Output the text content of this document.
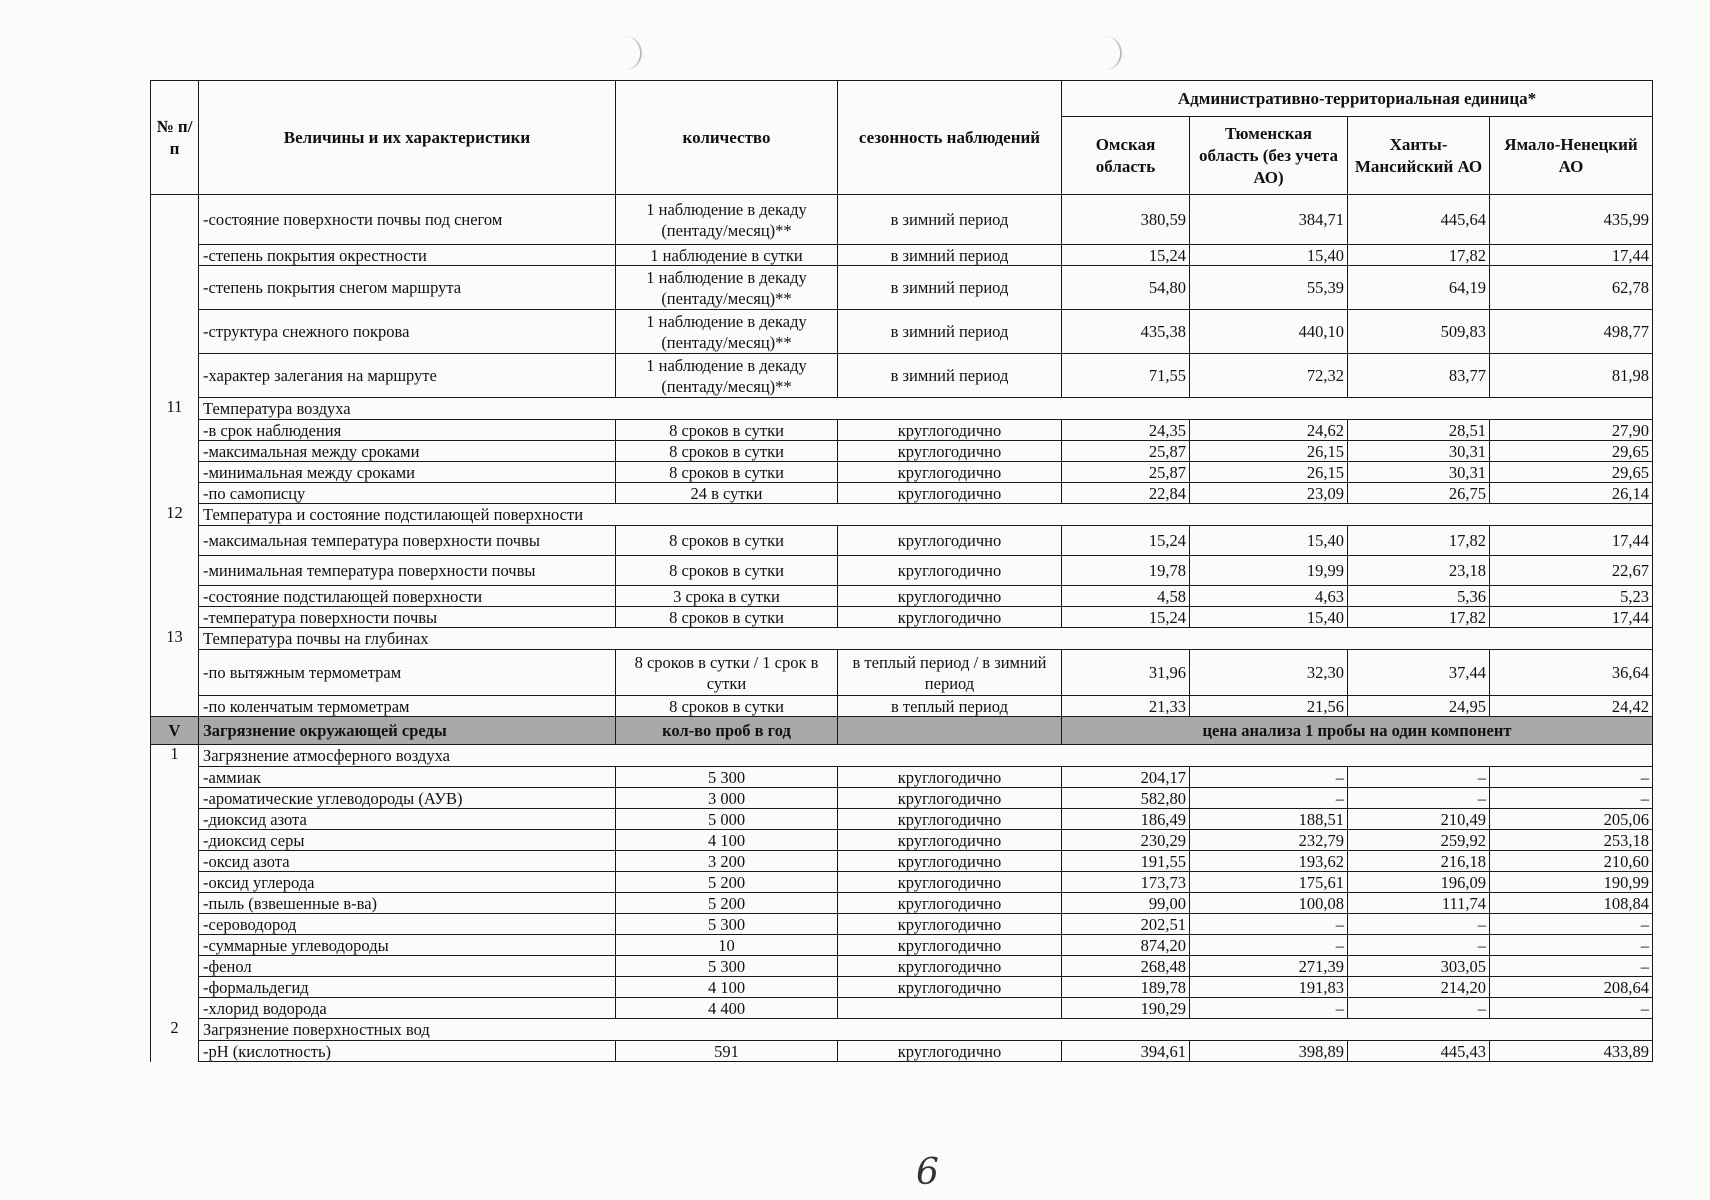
№ п/п	Величины и их характеристики	количество	сезонность наблюдений	Административно-территориальная единица*			
				Омская область	Тюменская область (без учета АО)	Ханты-Мансийский АО	Ямало-Ненецкий АО
	-состояние поверхности почвы под снегом	1 наблюдение в декаду (пентаду/месяц)**	в зимний период	380,59	384,71	445,64	435,99
	-степень покрытия окрестности	1 наблюдение в сутки	в зимний период	15,24	15,40	17,82	17,44
	-степень покрытия снегом маршрута	1 наблюдение в декаду (пентаду/месяц)**	в зимний период	54,80	55,39	64,19	62,78
	-структура снежного покрова	1 наблюдение в декаду (пентаду/месяц)**	в зимний период	435,38	440,10	509,83	498,77
	-характер залегания на маршруте	1 наблюдение в декаду (пентаду/месяц)**	в зимний период	71,55	72,32	83,77	81,98
11	Температура воздуха						
	-в срок наблюдения	8 сроков в сутки	круглогодично	24,35	24,62	28,51	27,90
	-максимальная между сроками	8 сроков в сутки	круглогодично	25,87	26,15	30,31	29,65
	-минимальная между сроками	8 сроков в сутки	круглогодично	25,87	26,15	30,31	29,65
	-по самописцу	24 в сутки	круглогодично	22,84	23,09	26,75	26,14
12	Температура и состояние подстилающей поверхности						
	-максимальная температура поверхности почвы	8 сроков в сутки	круглогодично	15,24	15,40	17,82	17,44
	-минимальная температура поверхности почвы	8 сроков в сутки	круглогодично	19,78	19,99	23,18	22,67
	-состояние подстилающей поверхности	3 срока в сутки	круглогодично	4,58	4,63	5,36	5,23
	-температура поверхности почвы	8 сроков в сутки	круглогодично	15,24	15,40	17,82	17,44
13	Температура почвы на глубинах						
	-по вытяжным термометрам	8 сроков в сутки / 1 срок в сутки	в теплый период / в зимний период	31,96	32,30	37,44	36,64
	-по коленчатым термометрам	8 сроков в сутки	в теплый период	21,33	21,56	24,95	24,42
V	Загрязнение окружающей среды	кол-во проб в год		цена анализа 1 пробы на один компонент			
1	Загрязнение атмосферного воздуха						
	-аммиак	5 300	круглогодично	204,17	–	–	–
	-ароматические углеводороды (АУВ)	3 000	круглогодично	582,80	–	–	–
	-диоксид азота	5 000	круглогодично	186,49	188,51	210,49	205,06
	-диоксид серы	4 100	круглогодично	230,29	232,79	259,92	253,18
	-оксид азота	3 200	круглогодично	191,55	193,62	216,18	210,60
	-оксид углерода	5 200	круглогодично	173,73	175,61	196,09	190,99
	-пыль (взвешенные в-ва)	5 200	круглогодично	99,00	100,08	111,74	108,84
	-сероводород	5 300	круглогодично	202,51	–	–	–
	-суммарные углеводороды	10	круглогодично	874,20	–	–	–
	-фенол	5 300	круглогодично	268,48	271,39	303,05	–
	-формальдегид	4 100	круглогодично	189,78	191,83	214,20	208,64
	-хлорид водорода	4 400		190,29	–	–	–
2	Загрязнение поверхностных вод						
	-pH (кислотность)	591	круглогодично	394,61	398,89	445,43	433,89
6
